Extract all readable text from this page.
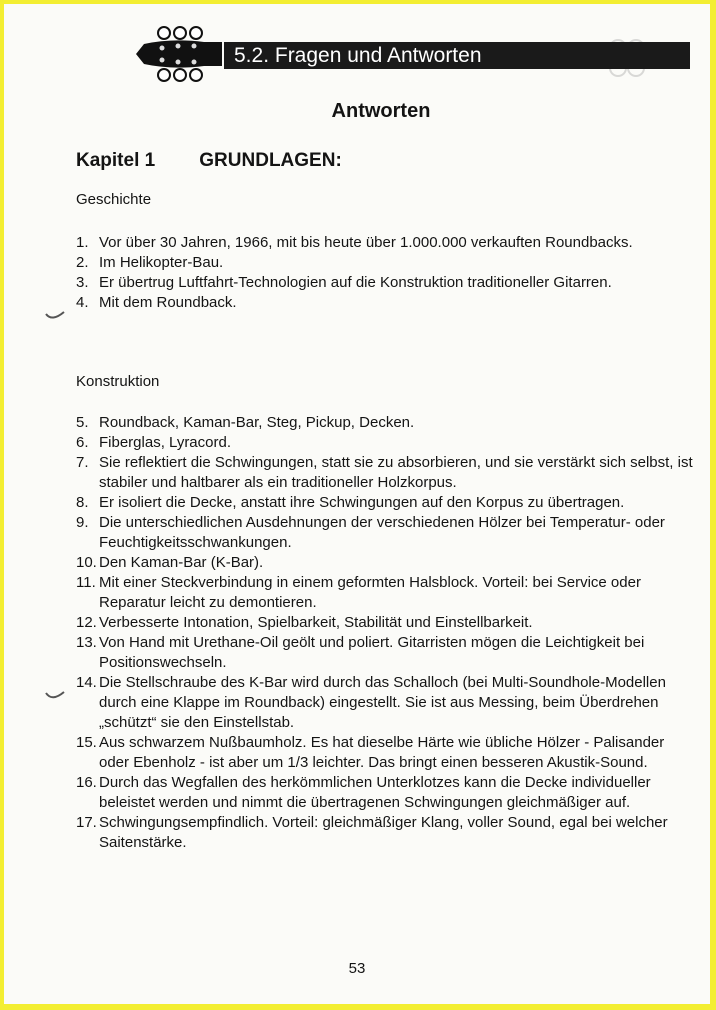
5.2. Fragen und Antworten
Antworten
Kapitel 1 GRUNDLAGEN:
Geschichte
1. Vor über 30 Jahren, 1966, mit bis heute über 1.000.000 verkauften Roundbacks.
2. Im Helikopter-Bau.
3. Er übertrug Luftfahrt-Technologien auf die Konstruktion traditioneller Gitarren.
4. Mit dem Roundback.
Konstruktion
5. Roundback, Kaman-Bar, Steg, Pickup, Decken.
6. Fiberglas, Lyracord.
7. Sie reflektiert die Schwingungen, statt sie zu absorbieren, und sie verstärkt sich selbst, ist stabiler und haltbarer als ein traditioneller Holzkorpus.
8. Er isoliert die Decke, anstatt ihre Schwingungen auf den Korpus zu übertragen.
9. Die unterschiedlichen Ausdehnungen der verschiedenen Hölzer bei Temperatur- oder Feuchtigkeitsschwankungen.
10. Den Kaman-Bar (K-Bar).
11. Mit einer Steckverbindung in einem geformten Halsblock. Vorteil: bei Service oder Reparatur leicht zu demontieren.
12. Verbesserte Intonation, Spielbarkeit, Stabilität und Einstellbarkeit.
13. Von Hand mit Urethane-Oil geölt und poliert. Gitarristen mögen die Leichtigkeit bei Positionswechseln.
14. Die Stellschraube des K-Bar wird durch das Schalloch (bei Multi-Soundhole-Modellen durch eine Klappe im Roundback) eingestellt. Sie ist aus Messing, beim Überdrehen „schützt“ sie den Einstellstab.
15. Aus schwarzem Nußbaumholz. Es hat dieselbe Härte wie übliche Hölzer - Palisander oder Ebenholz - ist aber um 1/3 leichter. Das bringt einen besseren Akustik-Sound.
16. Durch das Wegfallen des herkömmlichen Unterklotzes kann die Decke individueller beleistet werden und nimmt die übertragenen Schwingungen gleichmäßiger auf.
17. Schwingungsempfindlich. Vorteil: gleichmäßiger Klang, voller Sound, egal bei welcher Saitenstärke.
53
